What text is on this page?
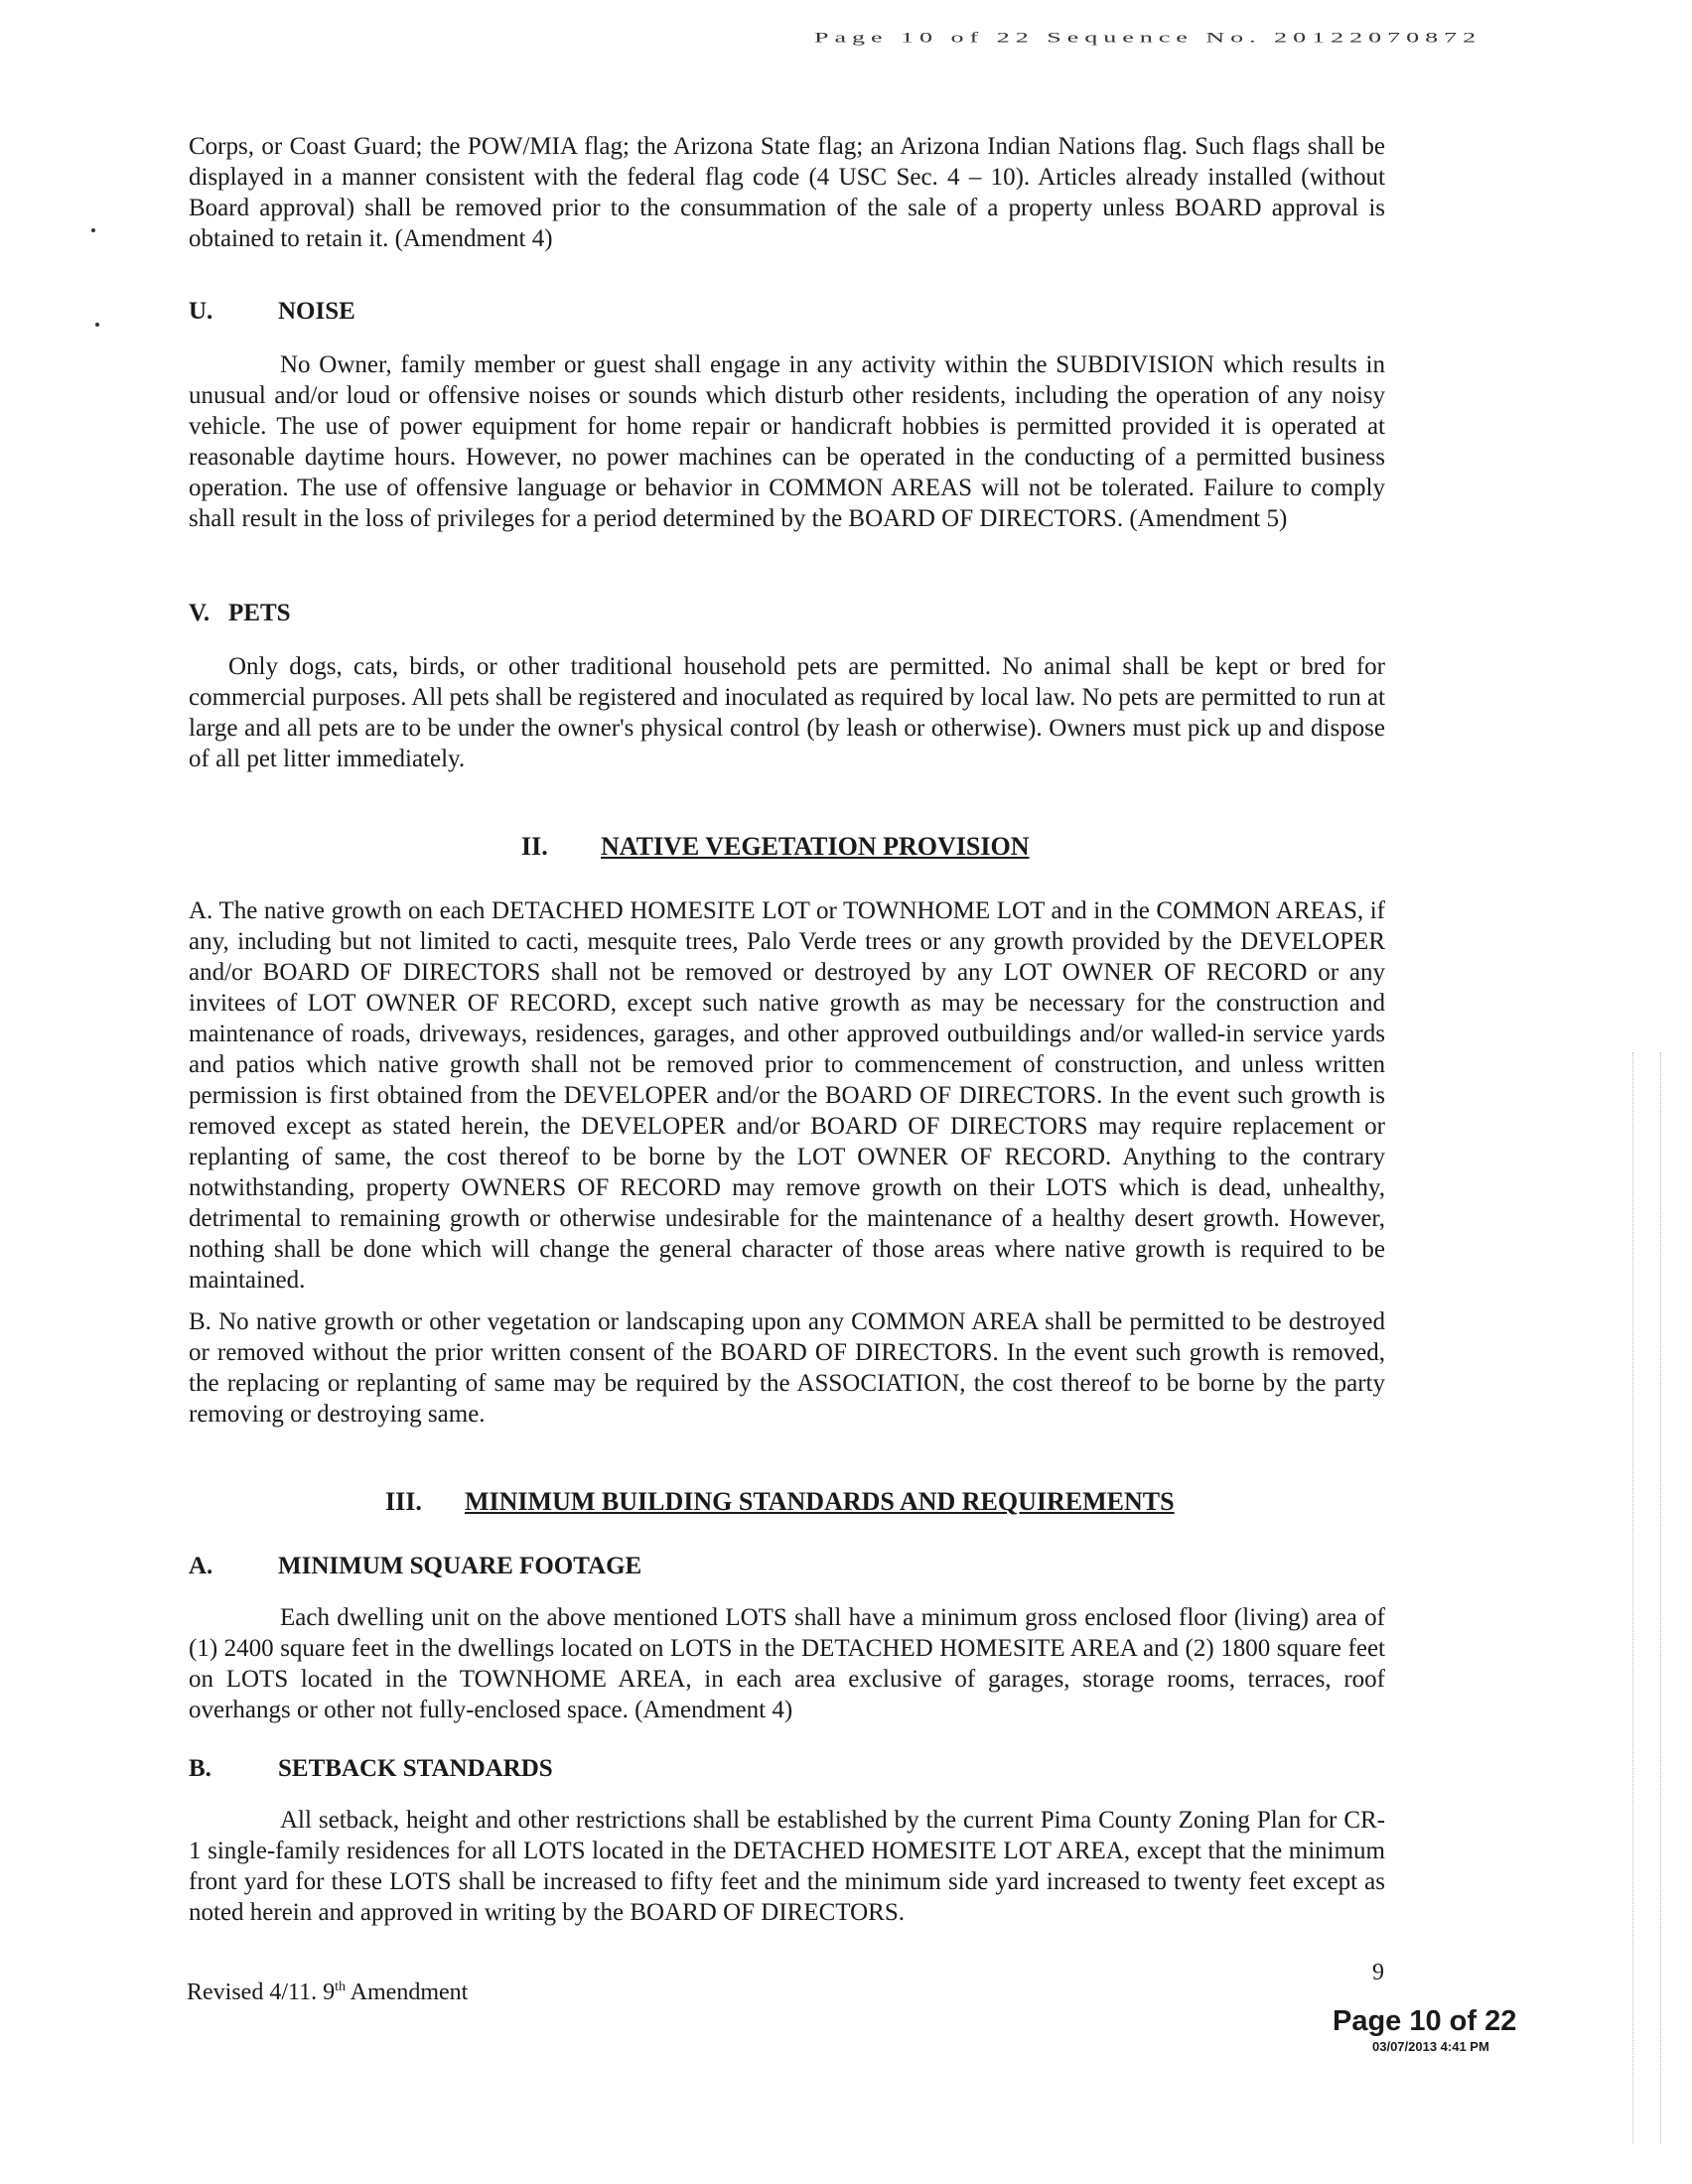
Page 10 of 22 Sequence No. 20122070872

Corps, or Coast Guard; the POW/MIA flag; the Arizona State flag; an Arizona Indian Nations flag. Such flags shall be displayed in a manner consistent with the federal flag code (4 USC Sec. 4 – 10). Articles already installed (without Board approval) shall be removed prior to the consummation of the sale of a property unless BOARD approval is obtained to retain it. (Amendment 4)

U.	NOISE

No Owner, family member or guest shall engage in any activity within the SUBDIVISION which results in unusual and/or loud or offensive noises or sounds which disturb other residents, including the operation of any noisy vehicle. The use of power equipment for home repair or handicraft hobbies is permitted provided it is operated at reasonable daytime hours. However, no power machines can be operated in the conducting of a permitted business operation. The use of offensive language or behavior in COMMON AREAS will not be tolerated. Failure to comply shall result in the loss of privileges for a period determined by the BOARD OF DIRECTORS. (Amendment 5)

V. PETS

Only dogs, cats, birds, or other traditional household pets are permitted. No animal shall be kept or bred for commercial purposes. All pets shall be registered and inoculated as required by local law. No pets are permitted to run at large and all pets are to be under the owner's physical control (by leash or otherwise). Owners must pick up and dispose of all pet litter immediately.

II. NATIVE VEGETATION PROVISION

A. The native growth on each DETACHED HOMESITE LOT or TOWNHOME LOT and in the COMMON AREAS, if any, including but not limited to cacti, mesquite trees, Palo Verde trees or any growth provided by the DEVELOPER and/or BOARD OF DIRECTORS shall not be removed or destroyed by any LOT OWNER OF RECORD or any invitees of LOT OWNER OF RECORD, except such native growth as may be necessary for the construction and maintenance of roads, driveways, residences, garages, and other approved outbuildings and/or walled-in service yards and patios which native growth shall not be removed prior to commencement of construction, and unless written permission is first obtained from the DEVELOPER and/or the BOARD OF DIRECTORS. In the event such growth is removed except as stated herein, the DEVELOPER and/or BOARD OF DIRECTORS may require replacement or replanting of same, the cost thereof to be borne by the LOT OWNER OF RECORD. Anything to the contrary notwithstanding, property OWNERS OF RECORD may remove growth on their LOTS which is dead, unhealthy, detrimental to remaining growth or otherwise undesirable for the maintenance of a healthy desert growth. However, nothing shall be done which will change the general character of those areas where native growth is required to be maintained.

B. No native growth or other vegetation or landscaping upon any COMMON AREA shall be permitted to be destroyed or removed without the prior written consent of the BOARD OF DIRECTORS. In the event such growth is removed, the replacing or replanting of same may be required by the ASSOCIATION, the cost thereof to be borne by the party removing or destroying same.

III. MINIMUM BUILDING STANDARDS AND REQUIREMENTS
A.	MINIMUM SQUARE FOOTAGE

Each dwelling unit on the above mentioned LOTS shall have a minimum gross enclosed floor (living) area of (1) 2400 square feet in the dwellings located on LOTS in the DETACHED HOMESITE AREA and (2) 1800 square feet on LOTS located in the TOWNHOME AREA, in each area exclusive of garages, storage rooms, terraces, roof overhangs or other not fully-enclosed space. (Amendment 4)

B.	SETBACK STANDARDS

All setback, height and other restrictions shall be established by the current Pima County Zoning Plan for CR-1 single-family residences for all LOTS located in the DETACHED HOMESITE LOT AREA, except that the minimum front yard for these LOTS shall be increased to fifty feet and the minimum side yard increased to twenty feet except as noted herein and approved in writing by the BOARD OF DIRECTORS.

Revised 4/11. 9th Amendment
9
Page 10 of 22
03/07/2013 4:41 PM
